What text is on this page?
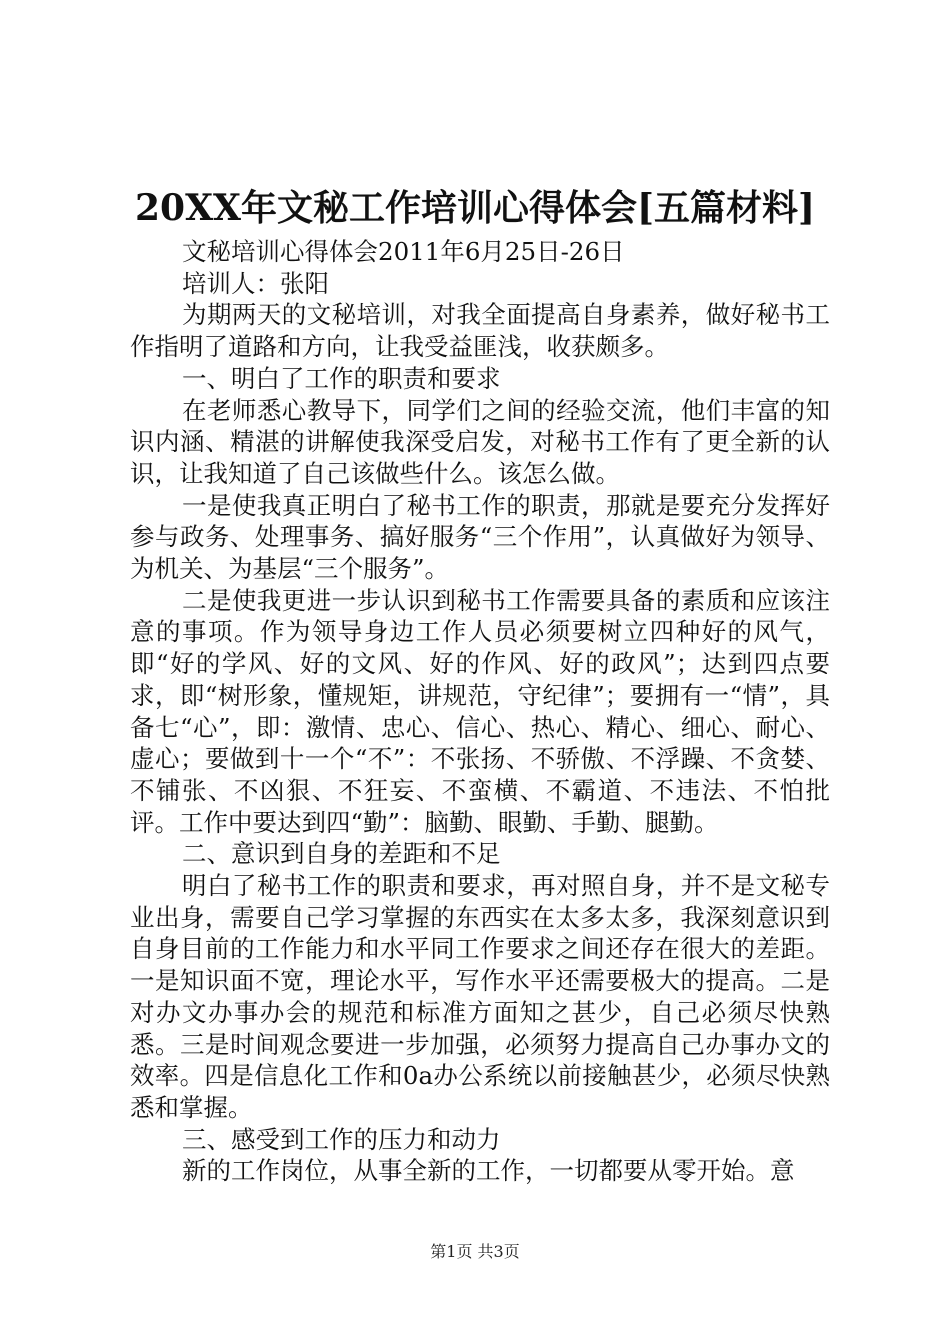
20XX年文秘工作培训心得体会[五篇材料]

文秘培训心得体会2011年6月25日-26日

培训人：张阳

为期两天的文秘培训，对我全面提高自身素养，做好秘书工作指明了道路和方向，让我受益匪浅，收获颇多。

一、明白了工作的职责和要求

在老师悉心教导下，同学们之间的经验交流，他们丰富的知识内涵、精湛的讲解使我深受启发，对秘书工作有了更全新的认识，让我知道了自己该做些什么。该怎么做。

一是使我真正明白了秘书工作的职责，那就是要充分发挥好参与政务、处理事务、搞好服务“三个作用”，认真做好为领导、为机关、为基层“三个服务”。

二是使我更进一步认识到秘书工作需要具备的素质和应该注意的事项。作为领导身边工作人员必须要树立四种好的风气，即“好的学风、好的文风、好的作风、好的政风”；达到四点要求，即“树形象，懂规矩，讲规范，守纪律”；要拥有一“情”，具备七“心”，即：激情、忠心、信心、热心、精心、细心、耐心、虚心；要做到十一个“不”：不张扬、不骄傲、不浮躁、不贪婪、不铺张、不凶狠、不狂妄、不蛮横、不霸道、不违法、不怕批评。工作中要达到四“勤”：脑勤、眼勤、手勤、腿勤。

二、意识到自身的差距和不足

明白了秘书工作的职责和要求，再对照自身，并不是文秘专业出身，需要自己学习掌握的东西实在太多太多，我深刻意识到自身目前的工作能力和水平同工作要求之间还存在很大的差距。一是知识面不宽，理论水平，写作水平还需要极大的提高。二是对办文办事办会的规范和标准方面知之甚少，自己必须尽快熟悉。三是时间观念要进一步加强，必须努力提高自己办事办文的效率。四是信息化工作和0a办公系统以前接触甚少，必须尽快熟悉和掌握。

三、感受到工作的压力和动力

新的工作岗位，从事全新的工作，一切都要从零开始。意

第1页 共3页
